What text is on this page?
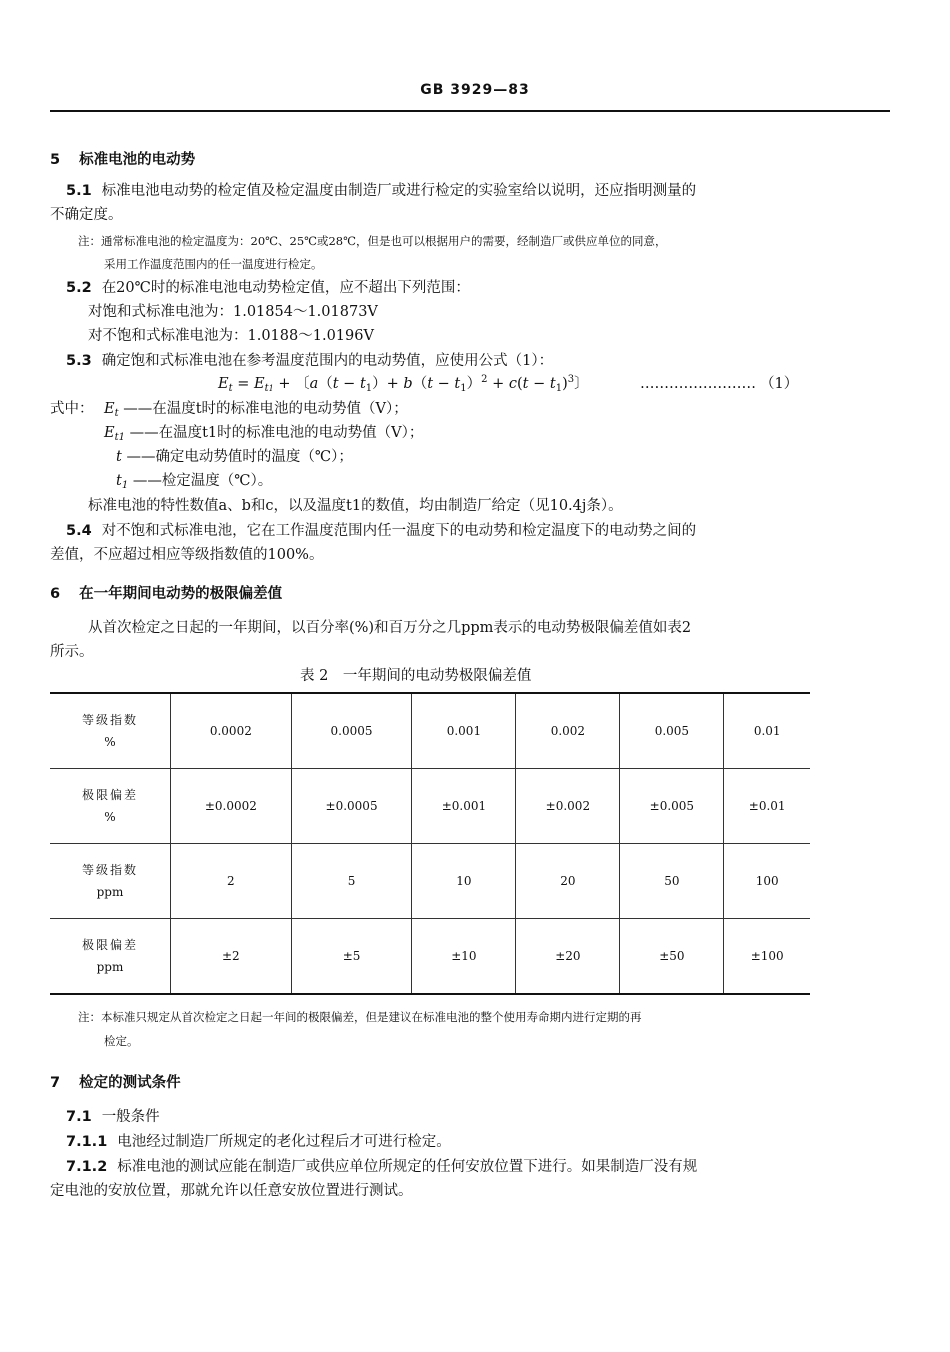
GB 3929—83
5 标准电池的电动势
5.1 标准电池电动势的检定值及检定温度由制造厂或进行检定的实验室给以说明，还应指明测量的
不确定度。
注：通常标准电池的检定温度为：20℃、25℃或28℃，但是也可以根据用户的需要，经制造厂或供应单位的同意，
采用工作温度范围内的任一温度进行检定。
5.2 在20℃时的标准电池电动势检定值，应不超出下列范围：
对饱和式标准电池为：1.01854～1.01873V
对不饱和式标准电池为：1.0188～1.0196V
5.3 确定饱和式标准电池在参考温度范围内的电动势值，应使用公式（1）：
$E_t = E_{t1}$ + 〔$a(t - t_1)+ b(t - t_1)^2 + c(t - t_1)^3$〕	…………………… （1）
式中： $E_t$ ——在温度t时的标准电池的电动势值（V）；
$E_{t1}$ ——在温度t1时的标准电池的电动势值（V）；
t ——确定电动势值时的温度（℃）；
$t_1$ ——检定温度（℃）。
标准电池的特性数值a、b和c，以及温度t1的数值，均由制造厂给定（见10.4j条）。
5.4 对不饱和式标准电池，它在工作温度范围内任一温度下的电动势和检定温度下的电动势之间的
差值，不应超过相应等级指数值的100%。
6 在一年期间电动势的极限偏差值
从首次检定之日起的一年期间，以百分率(%)和百万分之几ppm表示的电动势极限偏差值如表2
所示。
表 2　一年期间的电动势极限偏差值
等级指数
%	0.0002	0.0005	0.001	0.002	0.005	0.01
极限偏差
%	±0.0002	±0.0005	±0.001	±0.002	±0.005	±0.01
等级指数
ppm	2	5	10	20	50	100
极限偏差
ppm	±2	±5	±10	±20	±50	±100
注：本标准只规定从首次检定之日起一年间的极限偏差，但是建议在标准电池的整个使用寿命期内进行定期的再
检定。
7 检定的测试条件
7.1 一般条件
7.1.1 电池经过制造厂所规定的老化过程后才可进行检定。
7.1.2 标准电池的测试应能在制造厂或供应单位所规定的任何安放位置下进行。如果制造厂没有规
定电池的安放位置，那就允许以任意安放位置进行测试。
